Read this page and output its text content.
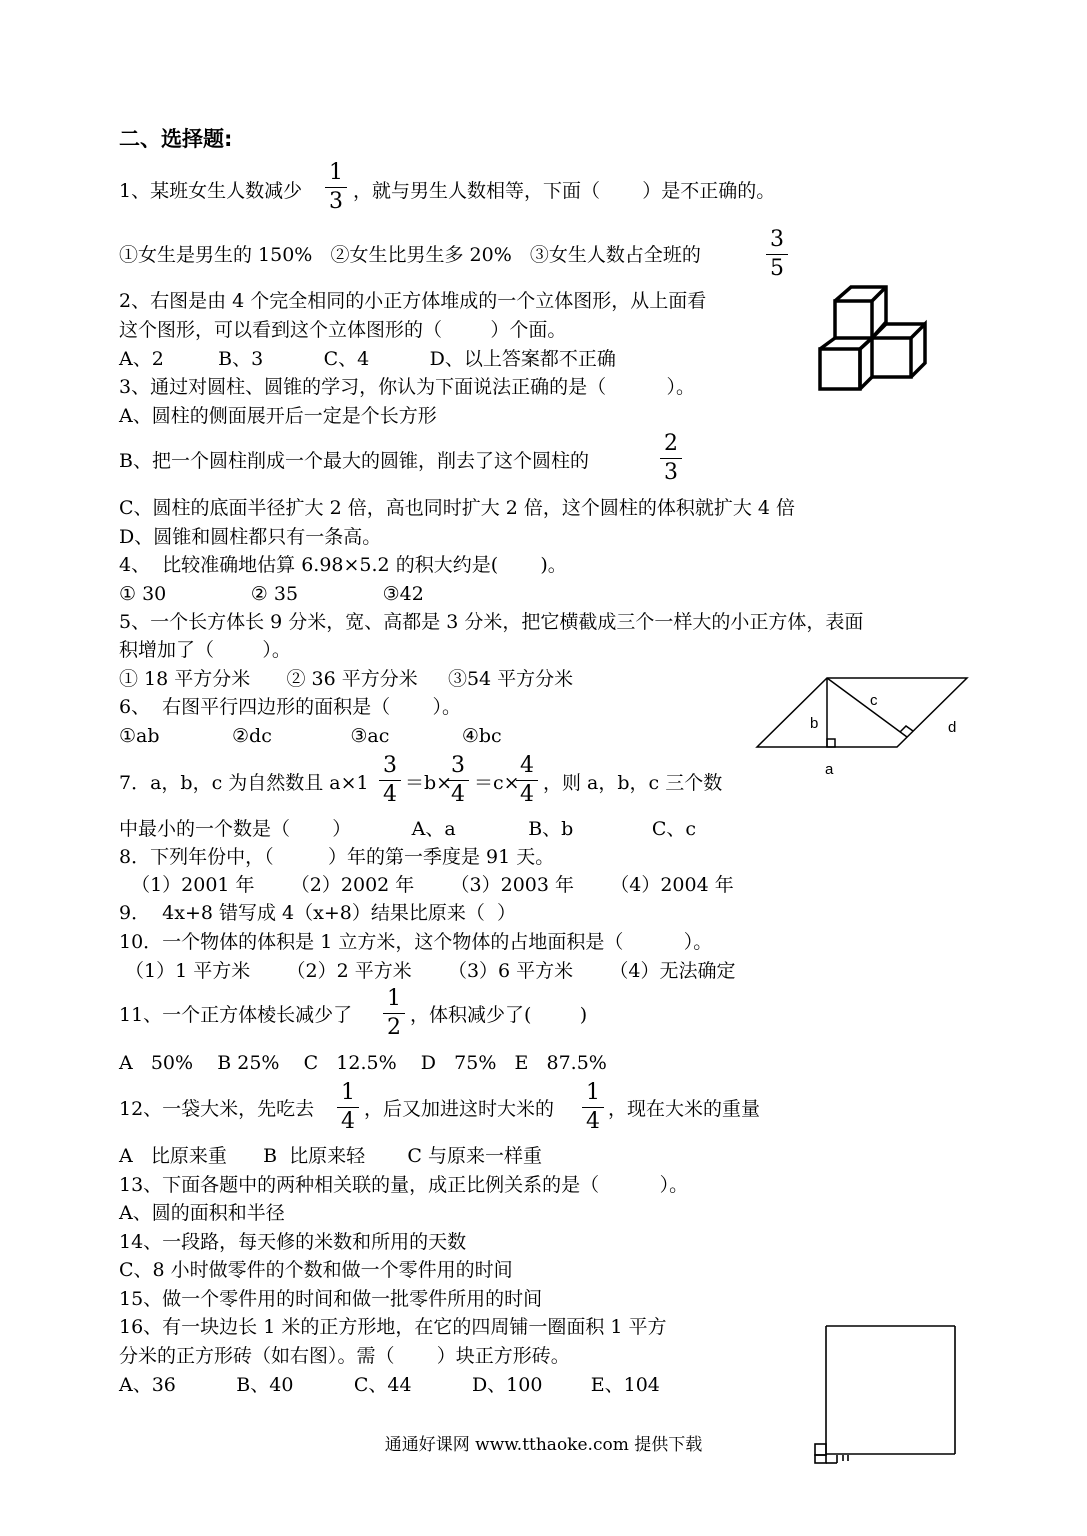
二、选择题:
1、某班女生人数减少
1
3 ，就与男生人数相等，下面（       ）是不正确的。
①女生是男生的 150%   ②女生比男生多 20%   ③女生人数占全班的
3
5
2、右图是由 4 个完全相同的小正方体堆成的一个立体图形，从上面看
这个图形，可以看到这个立体图形的（        ）个面。
A、2         B、3          C、4          D、以上答案都不正确
3、通过对圆柱、圆锥的学习，你认为下面说法正确的是（          ）。
A、圆柱的侧面展开后一定是个长方形
B、把一个圆柱削成一个最大的圆锥，削去了这个圆柱的
2
3
C、圆柱的底面半径扩大 2 倍，高也同时扩大 2 倍，这个圆柱的体积就扩大 4 倍
D、圆锥和圆柱都只有一条高。
4、  比较准确地估算 6.98×5.2 的积大约是(       )。
① 30              ② 35              ③42
5、一个长方体长 9 分米，宽、高都是 3 分米，把它横截成三个一样大的小正方体，表面
积增加了（        ）。
① 18 平方分米      ② 36 平方分米     ③54 平方分米
6、  右图平行四边形的面积是（       ）。
①ab            ②dc             ③ac            ④bc
b
c
d
a
7．a，b，c 为自然数且 a×1
3
4 ＝b×
3
4 ＝c×
4
4 ，则 a，b，c 三个数
中最小的一个数是（       ）          A、a            B、b             C、c
8．下列年份中，（         ）年的第一季度是 91 天。
（1）2001 年      （2）2002 年      （3）2003 年      （4）2004 年
9．  4x+8 错写成 4（x+8）结果比原来（  ）
10．一个物体的体积是 1 立方米，这个物体的占地面积是（          ）。
（1）1 平方米      （2）2 平方米      （3）6 平方米      （4）无法确定
11、一个正方体棱长减少了
1
2 ，体积减少了(        )
A   50%    B 25%    C   12.5%    D   75%   E   87.5%
12、一袋大米，先吃去
1
4 ，后又加进这时大米的
1
4 ，现在大米的重量
A   比原来重      B  比原来轻       C 与原来一样重
13、下面各题中的两种相关联的量，成正比例关系的是（          ）。
A、圆的面积和半径
14、一段路，每天修的米数和所用的天数
C、8 小时做零件的个数和做一个零件用的时间
15、做一个零件用的时间和做一批零件所用的时间
16、有一块边长 1 米的正方形地，在它的四周铺一圈面积 1 平方
分米的正方形砖（如右图）。需（       ）块正方形砖。
A、36          B、40          C、44          D、100        E、104
通通好课网 www.tthaoke.com 提供下载
